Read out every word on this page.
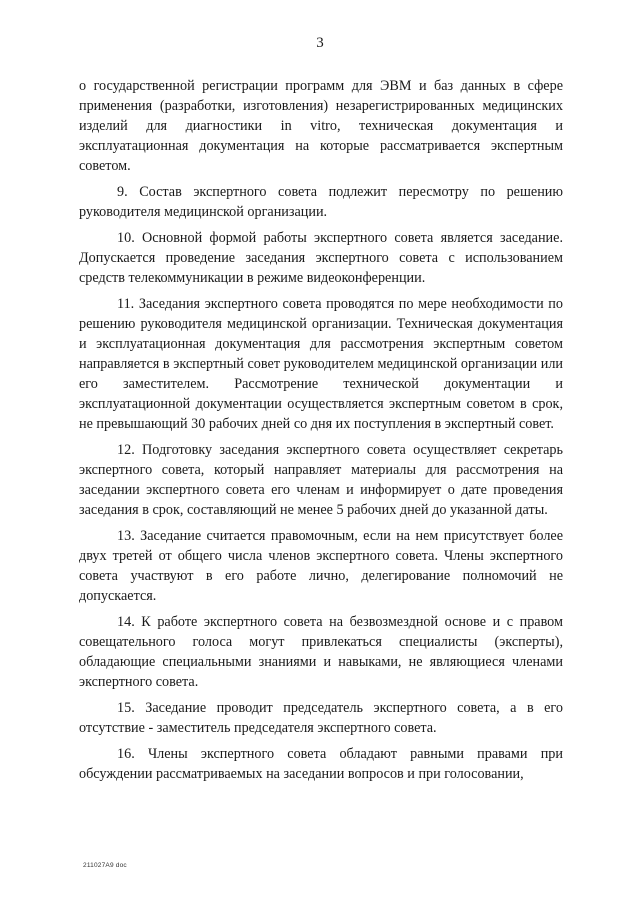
3

о государственной регистрации программ для ЭВМ и баз данных в сфере применения (разработки, изготовления) незарегистрированных медицинских изделий для диагностики in vitro, техническая документация и эксплуатационная документация на которые рассматривается экспертным советом.

9. Состав экспертного совета подлежит пересмотру по решению руководителя медицинской организации.

10. Основной формой работы экспертного совета является заседание. Допускается проведение заседания экспертного совета с использованием средств телекоммуникации в режиме видеоконференции.

11. Заседания экспертного совета проводятся по мере необходимости по решению руководителя медицинской организации. Техническая документация и эксплуатационная документация для рассмотрения экспертным советом направляется в экспертный совет руководителем медицинской организации или его заместителем. Рассмотрение технической документации и эксплуатационной документации осуществляется экспертным советом в срок, не превышающий 30 рабочих дней со дня их поступления в экспертный совет.

12. Подготовку заседания экспертного совета осуществляет секретарь экспертного совета, который направляет материалы для рассмотрения на заседании экспертного совета его членам и информирует о дате проведения заседания в срок, составляющий не менее 5 рабочих дней до указанной даты.

13. Заседание считается правомочным, если на нем присутствует более двух третей от общего числа членов экспертного совета. Члены экспертного совета участвуют в его работе лично, делегирование полномочий не допускается.

14. К работе экспертного совета на безвозмездной основе и с правом совещательного голоса могут привлекаться специалисты (эксперты), обладающие специальными знаниями и навыками, не являющиеся членами экспертного совета.

15. Заседание проводит председатель экспертного совета, а в его отсутствие - заместитель председателя экспертного совета.

16. Члены экспертного совета обладают равными правами при обсуждении рассматриваемых на заседании вопросов и при голосовании,

211027А9 doc
